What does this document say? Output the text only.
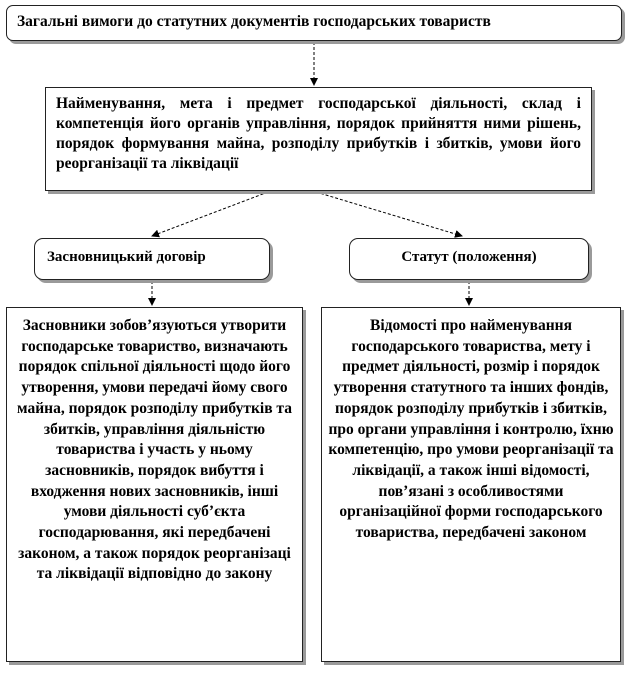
Загальні вимоги до статутних документів господарських товариств
Найменування, мета і предмет господарської діяльності, склад і компетенція його органів управління, порядок прийняття ними рішень, порядок формування майна, розподілу прибутків і збитків, умови його реорганізації та ліквідації
Засновницький договір	Статут (положення)
Засновники зобов’язуються утворити господарське товариство, визначають порядок спільної діяльності щодо його утворення, умови передачі йому свого майна, порядок розподілу прибутків та збитків, управління діяльністю товариства і участь у ньому засновників, порядок вибуття і входження нових засновників, інші умови діяльності суб’єкта господарювання, які передбачені законом, а також порядок реорганізаці та ліквідації відповідно до закону
Відомості про найменування господарського товариства, мету і предмет діяльності, розмір і порядок утворення статутного та інших фондів, порядок розподілу прибутків і збитків, про органи управління і контролю, їхню компетенцію, про умови реорганізації та ліквідації, а також інші відомості, пов’язані з особливостями організаційної форми господарського товариства, передбачені законом
